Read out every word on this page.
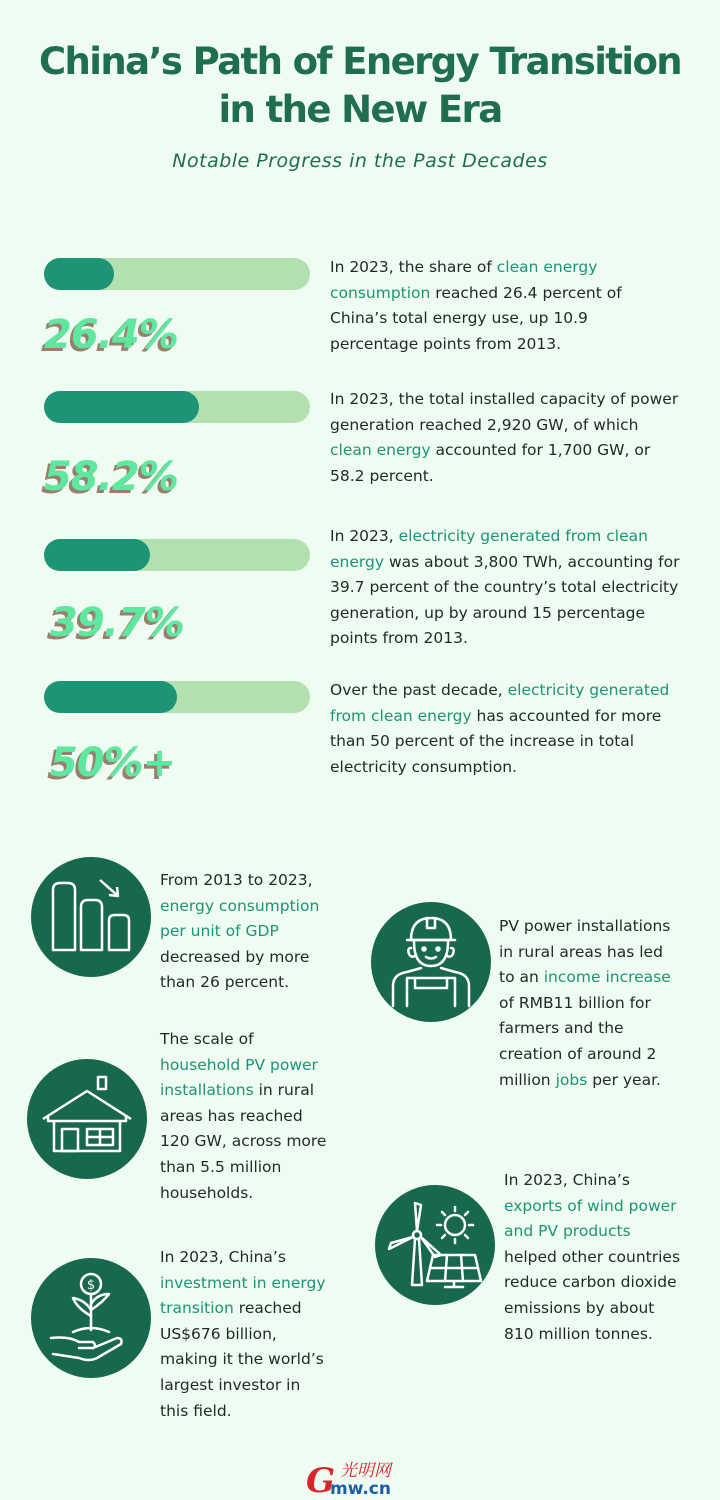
China’s Path of Energy Transition
in the New Era
Notable Progress in the Past Decades
26.4%
In 2023, the share of clean energy consumption reached 26.4 percent of China’s total energy use, up 10.9 percentage points from 2013.
58.2%
In 2023, the total installed capacity of power generation reached 2,920 GW, of which clean energy accounted for 1,700 GW, or 58.2 percent.
39.7%
In 2023, electricity generated from clean energy was about 3,800 TWh, accounting for 39.7 percent of the country’s total electricity generation, up by around 15 percentage points from 2013.
50%+
Over the past decade, electricity generated from clean energy has accounted for more than 50 percent of the increase in total electricity consumption.
From 2013 to 2023, energy consumption per unit of GDP decreased by more than 26 percent.
The scale of household PV power installations in rural areas has reached 120 GW, across more than 5.5 million households.
$
In 2023, China’s investment in energy transition reached US$676 billion, making it the world’s largest investor in this field.
PV power installations in rural areas has led to an income increase of RMB11 billion for farmers and the creation of around 2 million jobs per year.
In 2023, China’s exports of wind power and PV products helped other countries reduce carbon dioxide emissions by about 810 million tonnes.
G 光明网
mw.cn
